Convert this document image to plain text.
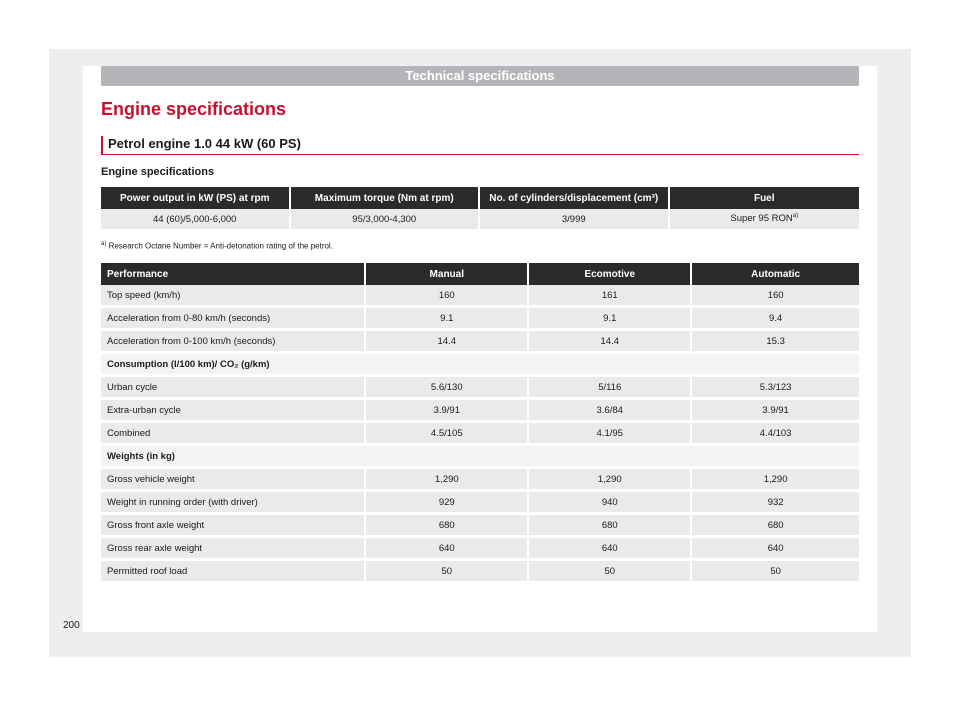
Technical specifications
Engine specifications
Petrol engine 1.0 44 kW (60 PS)
Engine specifications
Power output in kW (PS) at rpm	Maximum torque (Nm at rpm)	No. of cylinders/displacement (cm³)	Fuel
44 (60)/5,000-6,000	95/3,000-4,300	3/999	Super 95 RON$^{a)}$
$^{a)}$ Research Octane Number = Anti-detonation rating of the petrol.
Performance	Manual	Ecomotive	Automatic
Top speed (km/h)	160	161	160
Acceleration from 0-80 km/h (seconds)	9.1	9.1	9.4
Acceleration from 0-100 km/h (seconds)	14.4	14.4	15.3
Consumption (l/100 km)/ CO₂ (g/km)			
Urban cycle	5.6/130	5/116	5.3/123
Extra-urban cycle	3.9/91	3.6/84	3.9/91
Combined	4.5/105	4.1/95	4.4/103
Weights (in kg)			
Gross vehicle weight	1,290	1,290	1,290
Weight in running order (with driver)	929	940	932
Gross front axle weight	680	680	680
Gross rear axle weight	640	640	640
Permitted roof load	50	50	50
200
